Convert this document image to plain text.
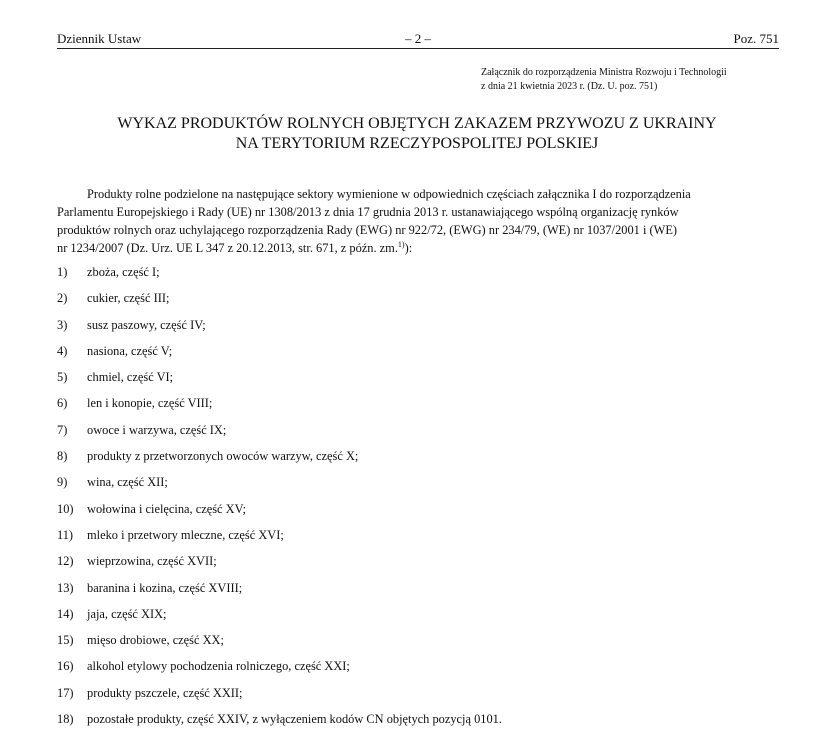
Dziennik Ustaw	– 2 –	Poz. 751
Załącznik do rozporządzenia Ministra Rozwoju i Technologii
z dnia 21 kwietnia 2023 r. (Dz. U. poz. 751)
WYKAZ PRODUKTÓW ROLNYCH OBJĘTYCH ZAKAZEM PRZYWOZU Z UKRAINY
NA TERYTORIUM RZECZYPOSPOLITEJ POLSKIEJ
Produkty rolne podzielone na następujące sektory wymienione w odpowiednich częściach załącznika I do rozporządzenia
Parlamentu Europejskiego i Rady (UE) nr 1308/2013 z dnia 17 grudnia 2013 r. ustanawiającego wspólną organizację rynków
produktów rolnych oraz uchylającego rozporządzenia Rady (EWG) nr 922/72, (EWG) nr 234/79, (WE) nr 1037/2001 i (WE)
nr 1234/2007 (Dz. Urz. UE L 347 z 20.12.2013, str. 671, z późn. zm.$^{1)}$):
1) zboża, część I;
2) cukier, część III;
3) susz paszowy, część IV;
4) nasiona, część V;
5) chmiel, część VI;
6) len i konopie, część VIII;
7) owoce i warzywa, część IX;
8) produkty z przetworzonych owoców warzyw, część X;
9) wina, część XII;
10) wołowina i cielęcina, część XV;
11) mleko i przetwory mleczne, część XVI;
12) wieprzowina, część XVII;
13) baranina i kozina, część XVIII;
14) jaja, część XIX;
15) mięso drobiowe, część XX;
16) alkohol etylowy pochodzenia rolniczego, część XXI;
17) produkty pszczele, część XXII;
18) pozostałe produkty, część XXIV, z wyłączeniem kodów CN objętych pozycją 0101.
